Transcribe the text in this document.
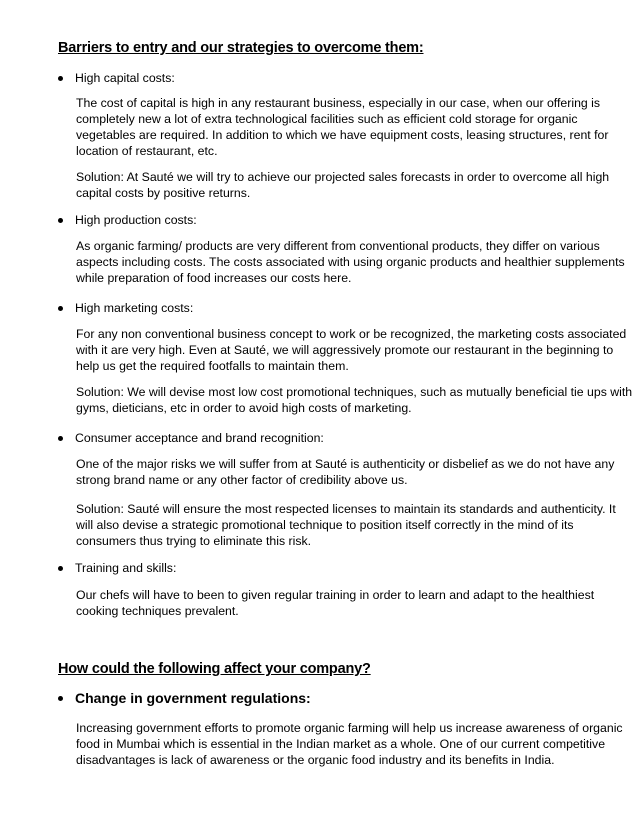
Barriers to entry and our strategies to overcome them:
High capital costs:
The cost of capital is high in any restaurant business, especially in our case, when our offering is
completely new a lot of extra technological facilities such as efficient cold storage for organic
vegetables are required. In addition to which we have equipment costs, leasing structures, rent for
location of restaurant, etc.
Solution: At Sauté we will try to achieve our projected sales forecasts in order to overcome all high
capital costs by positive returns.
High production costs:
As organic farming/ products are very different from conventional products, they differ on various
aspects including costs. The costs associated with using organic products and healthier supplements
while preparation of food increases our costs here.
High marketing costs:
For any non conventional business concept to work or be recognized, the marketing costs associated
with it are very high. Even at Sauté, we will aggressively promote our restaurant in the beginning to
help us get the required footfalls to maintain them.
Solution: We will devise most low cost promotional techniques, such as mutually beneficial tie ups with
gyms, dieticians, etc in order to avoid high costs of marketing.
Consumer acceptance and brand recognition:
One of the major risks we will suffer from at Sauté is authenticity or disbelief as we do not have any
strong brand name or any other factor of credibility above us.
Solution: Sauté will ensure the most respected licenses to maintain its standards and authenticity. It
will also devise a strategic promotional technique to position itself correctly in the mind of its
consumers thus trying to eliminate this risk.
Training and skills:
Our chefs will have to been to given regular training in order to learn and adapt to the healthiest
cooking techniques prevalent.
How could the following affect your company?
Change in government regulations:
Increasing government efforts to promote organic farming will help us increase awareness of organic
food in Mumbai which is essential in the Indian market as a whole. One of our current competitive
disadvantages is lack of awareness or the organic food industry and its benefits in India.
